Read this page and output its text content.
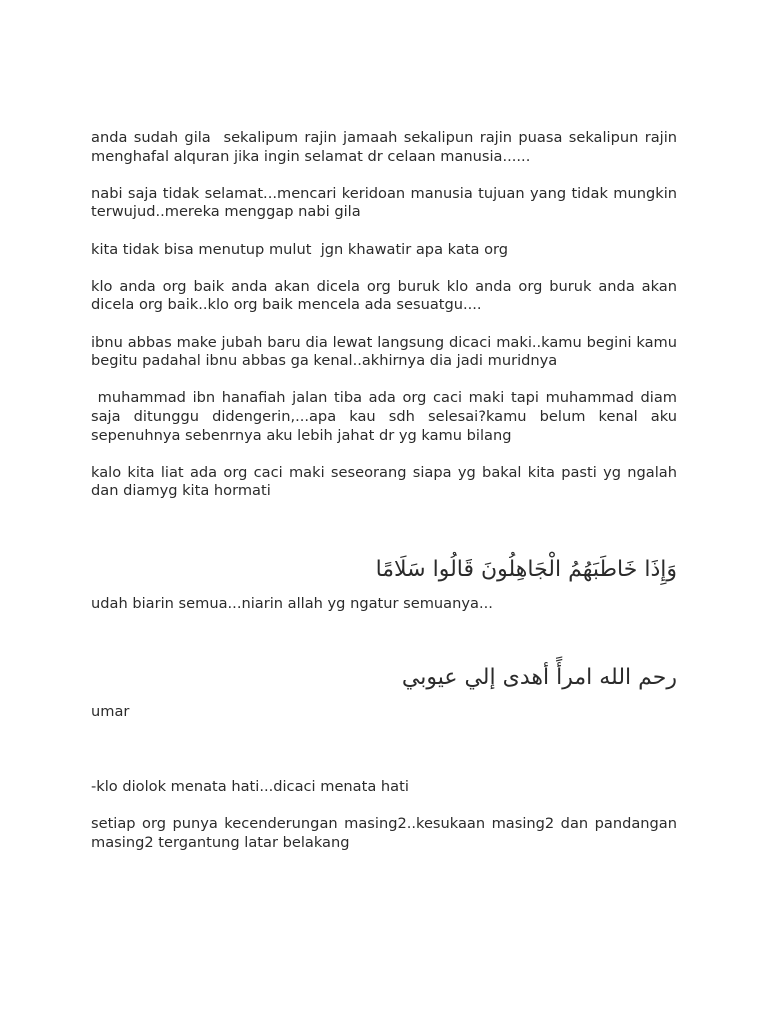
anda sudah gila  sekalipum rajin jamaah sekalipun rajin puasa sekalipun rajin menghafal alquran jika ingin selamat dr celaan manusia......

nabi saja tidak selamat...mencari keridoan manusia tujuan yang tidak mungkin terwujud..mereka menggap nabi gila

kita tidak bisa menutup mulut  jgn khawatir apa kata org

klo anda org baik anda akan dicela org buruk klo anda org buruk anda akan dicela org baik..klo org baik mencela ada sesuatgu....

ibnu abbas make jubah baru dia lewat langsung dicaci maki..kamu begini kamu begitu padahal ibnu abbas ga kenal..akhirnya dia jadi muridnya

muhammad ibn hanafiah jalan tiba ada org caci maki tapi muhammad diam saja ditunggu didengerin,...apa kau sdh selesai?kamu belum kenal aku sepenuhnya sebenrnya aku lebih jahat dr yg kamu bilang

kalo kita liat ada org caci maki seseorang siapa yg bakal kita pasti yg ngalah dan diamyg kita hormati

وَإِذَا خَاطَبَهُمُ الْجَاهِلُونَ قَالُوا سَلَامًا

udah biarin semua...niarin allah yg ngatur semuanya...

رحم الله امرأً أهدى إلي عيوبي

umar

-klo diolok menata hati...dicaci menata hati

setiap org punya kecenderungan masing2..kesukaan masing2 dan pandangan masing2 tergantung latar belakang
